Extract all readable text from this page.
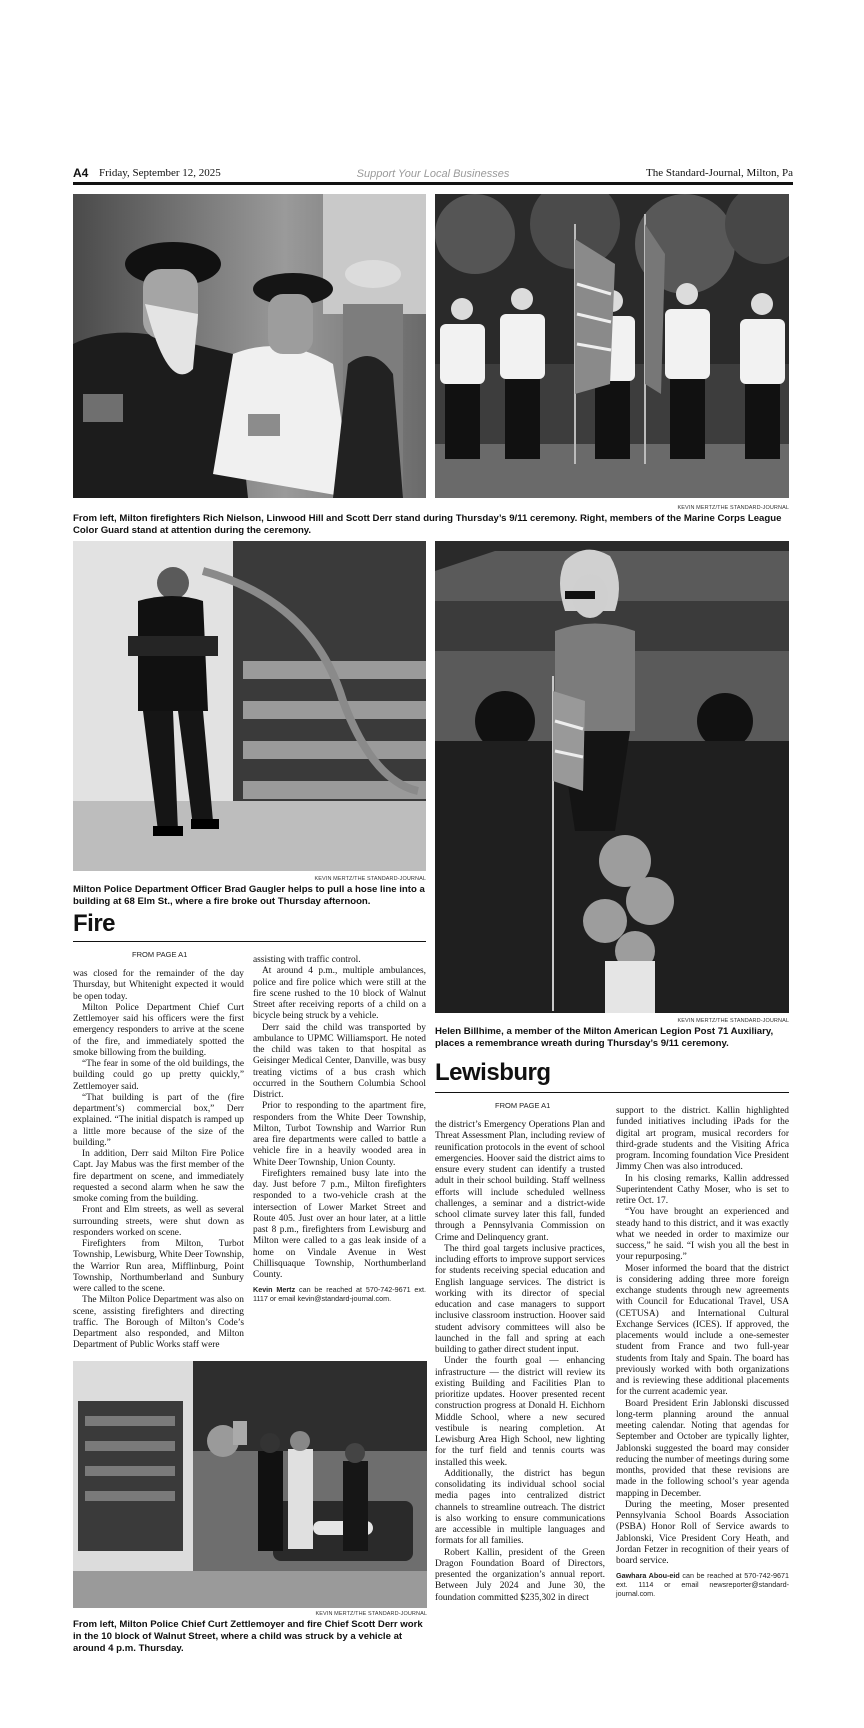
A4 Friday, September 12, 2025	Support Your Local Businesses	The Standard-Journal, Milton, Pa
KEVIN MERTZ/THE STANDARD-JOURNAL
From left, Milton firefighters Rich Nielson, Linwood Hill and Scott Derr stand during Thursday’s 9/11 ceremony. Right, members of the Marine Corps League Color Guard stand at attention during the ceremony.
KEVIN MERTZ/THE STANDARD-JOURNAL
Milton Police Department Officer Brad Gaugler helps to pull a hose line into a building at 68 Elm St., where a fire broke out Thursday afternoon.
Fire
FROM PAGE A1

was closed for the remainder of the day Thursday, but Whitenight expected it would be open today.

Milton Police Department Chief Curt Zettlemoyer said his officers were the first emergency responders to arrive at the scene of the fire, and immediately spotted the smoke billowing from the building.

“The fear in some of the old buildings, the building could go up pretty quickly,” Zettlemoyer said.

“That building is part of the (fire department’s) commercial box,” Derr explained. “The initial dispatch is ramped up a little more because of the size of the building.”

In addition, Derr said Milton Fire Police Capt. Jay Mabus was the first member of the fire department on scene, and immediately requested a second alarm when he saw the smoke coming from the building.

Front and Elm streets, as well as several surrounding streets, were shut down as responders worked on scene.

Firefighters from Milton, Turbot Township, Lewisburg, White Deer Township, the Warrior Run area, Mifflinburg, Point Township, Northumberland and Sunbury were called to the scene.

The Milton Police Department was also on scene, assisting firefighters and directing traffic. The Borough of Milton’s Code’s Department also responded, and Milton Department of Public Works staff were

assisting with traffic control.

At around 4 p.m., multiple ambulances, police and fire police which were still at the fire scene rushed to the 10 block of Walnut Street after receiving reports of a child on a bicycle being struck by a vehicle.

Derr said the child was transported by ambulance to UPMC Williamsport. He noted the child was taken to that hospital as Geisinger Medical Center, Danville, was busy treating victims of a bus crash which occurred in the Southern Columbia School District.

Prior to responding to the apartment fire, responders from the White Deer Township, Milton, Turbot Township and Warrior Run area fire departments were called to battle a vehicle fire in a heavily wooded area in White Deer Township, Union County.

Firefighters remained busy late into the day. Just before 7 p.m., Milton firefighters responded to a two-vehicle crash at the intersection of Lower Market Street and Route 405. Just over an hour later, at a little past 8 p.m., firefighters from Lewisburg and Milton were called to a gas leak inside of a home on Vindale Avenue in West Chillisquaque Township, Northumberland County.

Kevin Mertz can be reached at 570-742-9671 ext. 1117 or email kevin@standard-journal.com.

KEVIN MERTZ/THE STANDARD-JOURNAL
From left, Milton Police Chief Curt Zettlemoyer and fire Chief Scott Derr work in the 10 block of Walnut Street, where a child was struck by a vehicle at around 4 p.m. Thursday.
KEVIN MERTZ/THE STANDARD-JOURNAL
Helen Billhime, a member of the Milton American Legion Post 71 Auxiliary, places a remembrance wreath during Thursday’s 9/11 ceremony.
Lewisburg
FROM PAGE A1

the district’s Emergency Operations Plan and Threat Assessment Plan, including review of reunification protocols in the event of school emergencies. Hoover said the district aims to ensure every student can identify a trusted adult in their school building. Staff wellness efforts will include scheduled wellness challenges, a seminar and a district-wide school climate survey later this fall, funded through a Pennsylvania Commission on Crime and Delinquency grant.

The third goal targets inclusive practices, including efforts to improve support services for students receiving special education and English language services. The district is working with its director of special education and case managers to support inclusive classroom instruction. Hoover said student advisory committees will also be launched in the fall and spring at each building to gather direct student input.

Under the fourth goal — enhancing infrastructure — the district will review its existing Building and Facilities Plan to prioritize updates. Hoover presented recent construction progress at Donald H. Eichhorn Middle School, where a new secured vestibule is nearing completion. At Lewisburg Area High School, new lighting for the turf field and tennis courts was installed this week.

Additionally, the district has begun consolidating its individual school social media pages into centralized district channels to streamline outreach. The district is also working to ensure communications are accessible in multiple languages and formats for all families.

Robert Kallin, president of the Green Dragon Foundation Board of Directors, presented the organization’s annual report. Between July 2024 and June 30, the foundation committed $235,302 in direct

support to the district. Kallin highlighted funded initiatives including iPads for the digital art program, musical recorders for third-grade students and the Visiting Africa program. Incoming foundation Vice President Jimmy Chen was also introduced.

In his closing remarks, Kallin addressed Superintendent Cathy Moser, who is set to retire Oct. 17.

“You have brought an experienced and steady hand to this district, and it was exactly what we needed in order to maximize our success,” he said. “I wish you all the best in your repurposing.”

Moser informed the board that the district is considering adding three more foreign exchange students through new agreements with Council for Educational Travel, USA (CETUSA) and International Cultural Exchange Services (ICES). If approved, the placements would include a one-semester student from France and two full-year students from Italy and Spain. The board has previously worked with both organizations and is reviewing these additional placements for the current academic year.

Board President Erin Jablonski discussed long-term planning around the annual meeting calendar. Noting that agendas for September and October are typically lighter, Jablonski suggested the board may consider reducing the number of meetings during some months, provided that these revisions are made in the following school’s year agenda mapping in December.

During the meeting, Moser presented Pennsylvania School Boards Association (PSBA) Honor Roll of Service awards to Jablonski, Vice President Cory Heath, and Jordan Fetzer in recognition of their years of board service.

Gawhara Abou-eid can be reached at 570-742-9671 ext. 1114 or email newsreporter@standard-journal.com.
